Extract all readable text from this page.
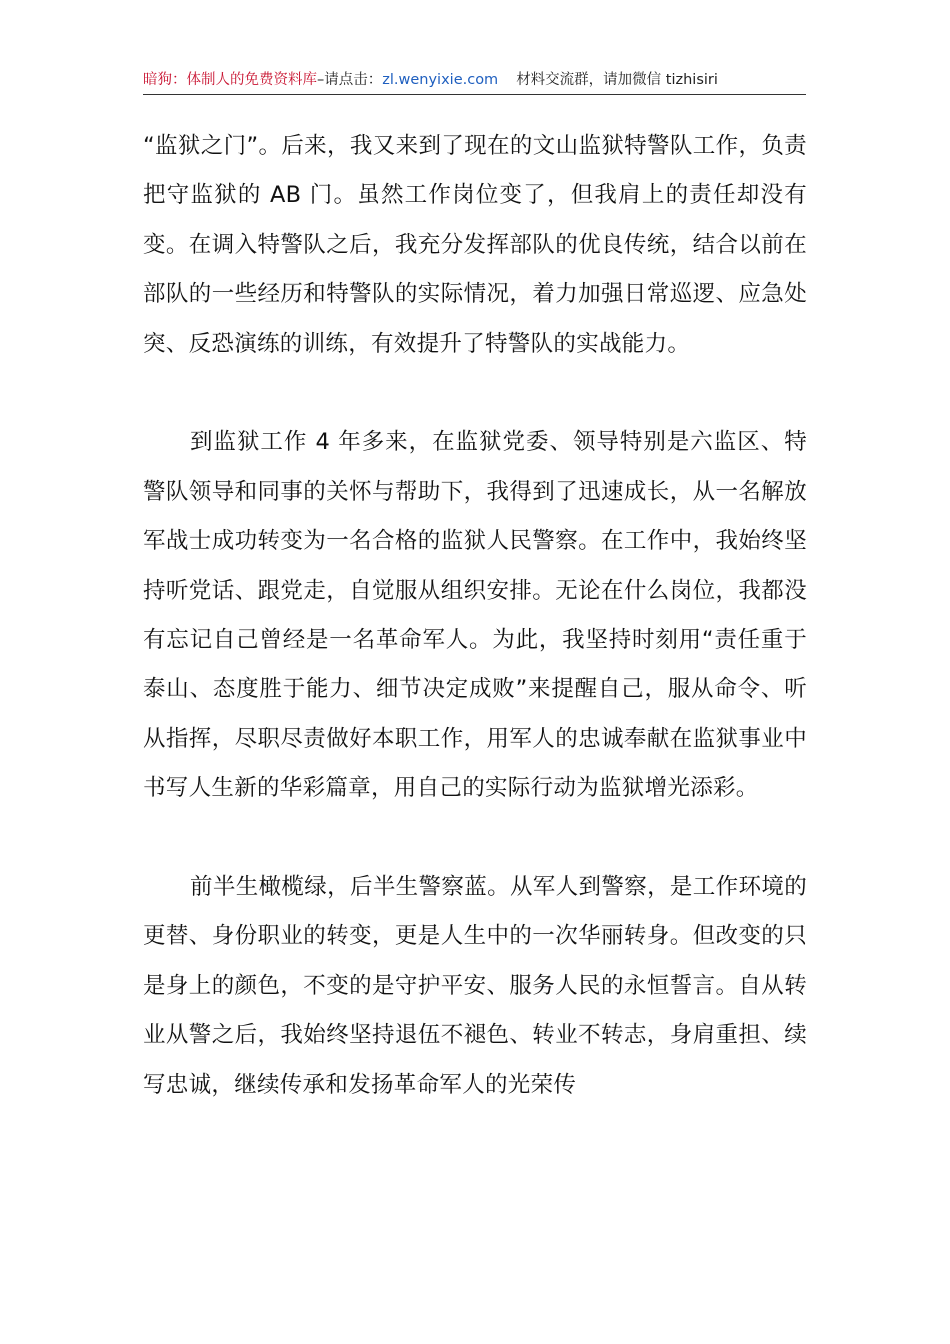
暗狗：体制人的免费资料库–请点击：zl.wenyixie.com 材料交流群，请加微信 tizhisiri

“监狱之门”。后来，我又来到了现在的文山监狱特警队工作，负责把守监狱的 AB 门。虽然工作岗位变了，但我肩上的责任却没有变。在调入特警队之后，我充分发挥部队的优良传统，结合以前在部队的一些经历和特警队的实际情况，着力加强日常巡逻、应急处突、反恐演练的训练，有效提升了特警队的实战能力。

到监狱工作 4 年多来，在监狱党委、领导特别是六监区、特警队领导和同事的关怀与帮助下，我得到了迅速成长，从一名解放军战士成功转变为一名合格的监狱人民警察。在工作中，我始终坚持听党话、跟党走，自觉服从组织安排。无论在什么岗位，我都没有忘记自己曾经是一名革命军人。为此，我坚持时刻用“责任重于泰山、态度胜于能力、细节决定成败”来提醒自己，服从命令、听从指挥，尽职尽责做好本职工作，用军人的忠诚奉献在监狱事业中书写人生新的华彩篇章，用自己的实际行动为监狱增光添彩。

前半生橄榄绿，后半生警察蓝。从军人到警察，是工作环境的更替、身份职业的转变，更是人生中的一次华丽转身。但改变的只是身上的颜色，不变的是守护平安、服务人民的永恒誓言。自从转业从警之后，我始终坚持退伍不褪色、转业不转志，身肩重担、续写忠诚，继续传承和发扬革命军人的光荣传
